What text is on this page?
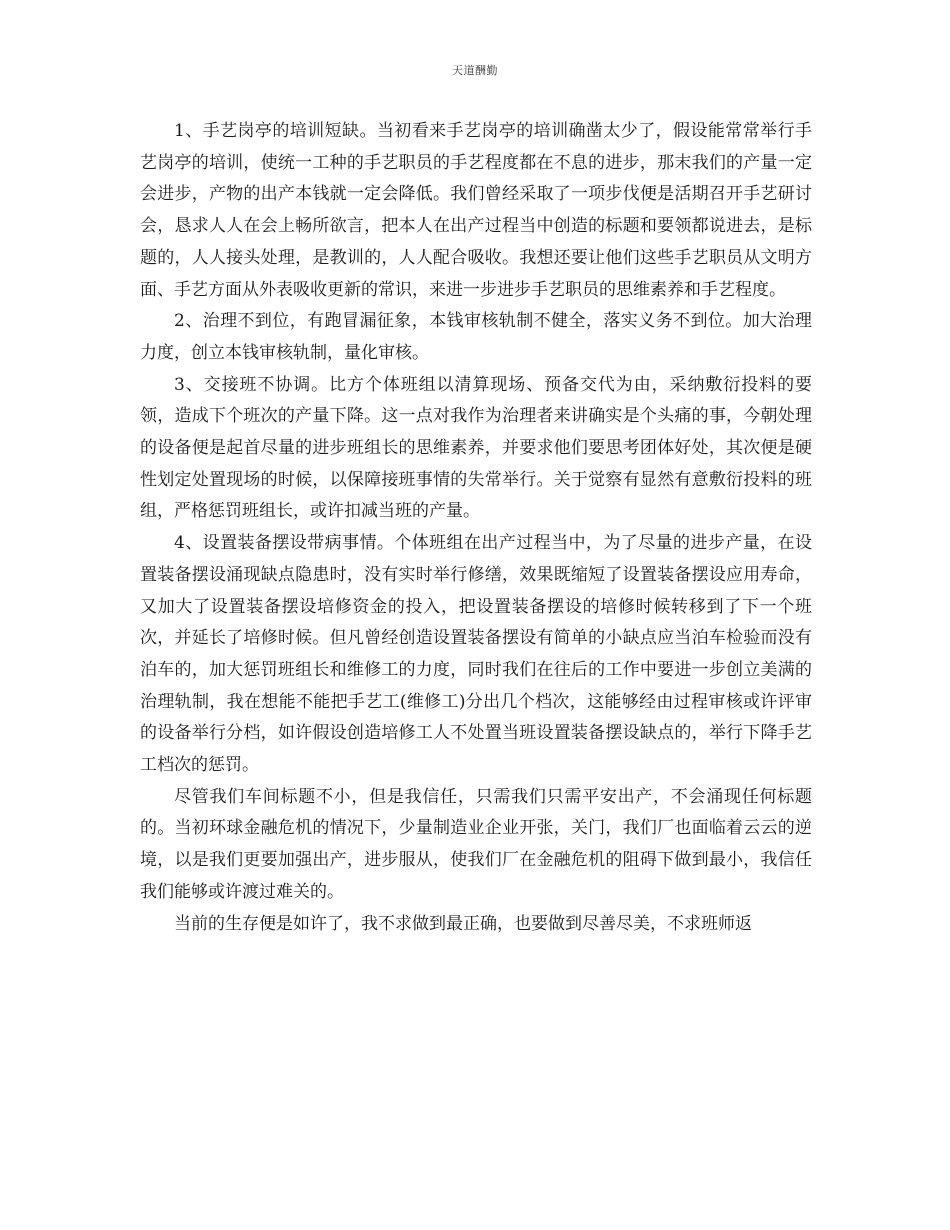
天道酬勤

1、手艺岗亭的培训短缺。当初看来手艺岗亭的培训确凿太少了，假设能常常举行手艺岗亭的培训，使统一工种的手艺职员的手艺程度都在不息的进步，那末我们的产量一定会进步，产物的出产本钱就一定会降低。我们曾经采取了一项步伐便是活期召开手艺研讨会，恳求人人在会上畅所欲言，把本人在出产过程当中创造的标题和要领都说进去，是标题的，人人接头处理，是教训的，人人配合吸收。我想还要让他们这些手艺职员从文明方面、手艺方面从外表吸收更新的常识，来进一步进步手艺职员的思维素养和手艺程度。

2、治理不到位，有跑冒漏征象，本钱审核轨制不健全，落实义务不到位。加大治理力度，创立本钱审核轨制，量化审核。

3、交接班不协调。比方个体班组以清算现场、预备交代为由，采纳敷衍投料的要领，造成下个班次的产量下降。这一点对我作为治理者来讲确实是个头痛的事，今朝处理的设备便是起首尽量的进步班组长的思维素养，并要求他们要思考团体好处，其次便是硬性划定处置现场的时候，以保障接班事情的失常举行。关于觉察有显然有意敷衍投料的班组，严格惩罚班组长，或许扣减当班的产量。

4、设置装备摆设带病事情。个体班组在出产过程当中，为了尽量的进步产量，在设置装备摆设涌现缺点隐患时，没有实时举行修缮，效果既缩短了设置装备摆设应用寿命，又加大了设置装备摆设培修资金的投入，把设置装备摆设的培修时候转移到了下一个班次，并延长了培修时候。但凡曾经创造设置装备摆设有简单的小缺点应当泊车检验而没有泊车的，加大惩罚班组长和维修工的力度，同时我们在往后的工作中要进一步创立美满的治理轨制，我在想能不能把手艺工(维修工)分出几个档次，这能够经由过程审核或许评审的设备举行分档，如许假设创造培修工人不处置当班设置装备摆设缺点的，举行下降手艺工档次的惩罚。

尽管我们车间标题不小，但是我信任，只需我们只需平安出产，不会涌现任何标题的。当初环球金融危机的情况下，少量制造业企业开张，关门，我们厂也面临着云云的逆境，以是我们更要加强出产，进步服从，使我们厂在金融危机的阻碍下做到最小，我信任我们能够或许渡过难关的。

当前的生存便是如许了，我不求做到最正确，也要做到尽善尽美，不求班师返
